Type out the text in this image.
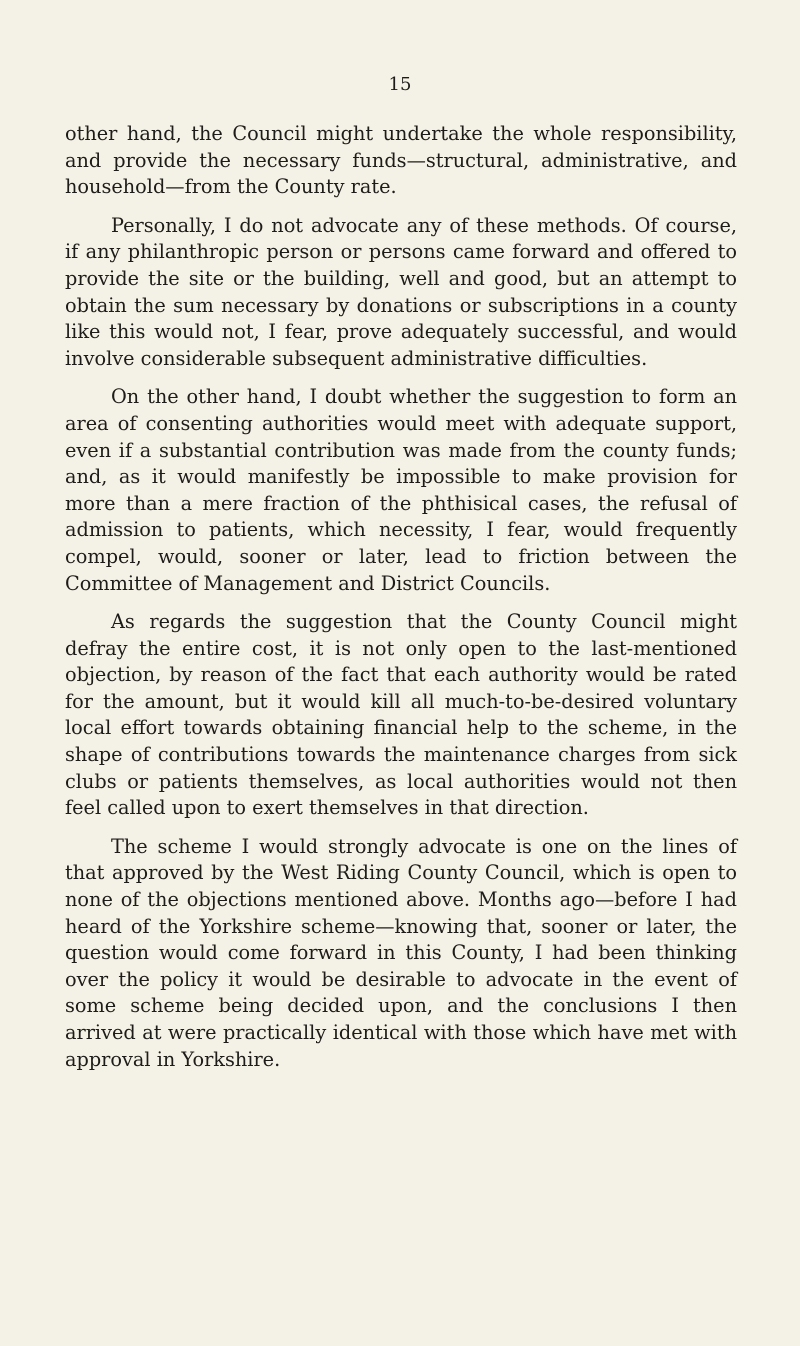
15

other hand, the Council might undertake the whole responsibility, and provide the necessary funds—structural, administrative, and household—from the County rate.

Personally, I do not advocate any of these methods. Of course, if any philanthropic person or persons came forward and offered to provide the site or the building, well and good, but an attempt to obtain the sum necessary by donations or subscriptions in a county like this would not, I fear, prove adequately successful, and would involve considerable subsequent administrative difficulties.

On the other hand, I doubt whether the suggestion to form an area of consenting authorities would meet with adequate support, even if a substantial contribution was made from the county funds; and, as it would manifestly be impossible to make provision for more than a mere fraction of the phthisical cases, the refusal of admission to patients, which necessity, I fear, would frequently compel, would, sooner or later, lead to friction between the Committee of Management and District Councils.

As regards the suggestion that the County Council might defray the entire cost, it is not only open to the last-mentioned objection, by reason of the fact that each authority would be rated for the amount, but it would kill all much-to-be-desired voluntary local effort towards obtaining financial help to the scheme, in the shape of contributions towards the maintenance charges from sick clubs or patients themselves, as local authorities would not then feel called upon to exert themselves in that direction.

The scheme I would strongly advocate is one on the lines of that approved by the West Riding County Council, which is open to none of the objections mentioned above. Months ago—before I had heard of the Yorkshire scheme—knowing that, sooner or later, the question would come forward in this County, I had been thinking over the policy it would be desirable to advocate in the event of some scheme being decided upon, and the conclusions I then arrived at were practically identical with those which have met with approval in Yorkshire.
